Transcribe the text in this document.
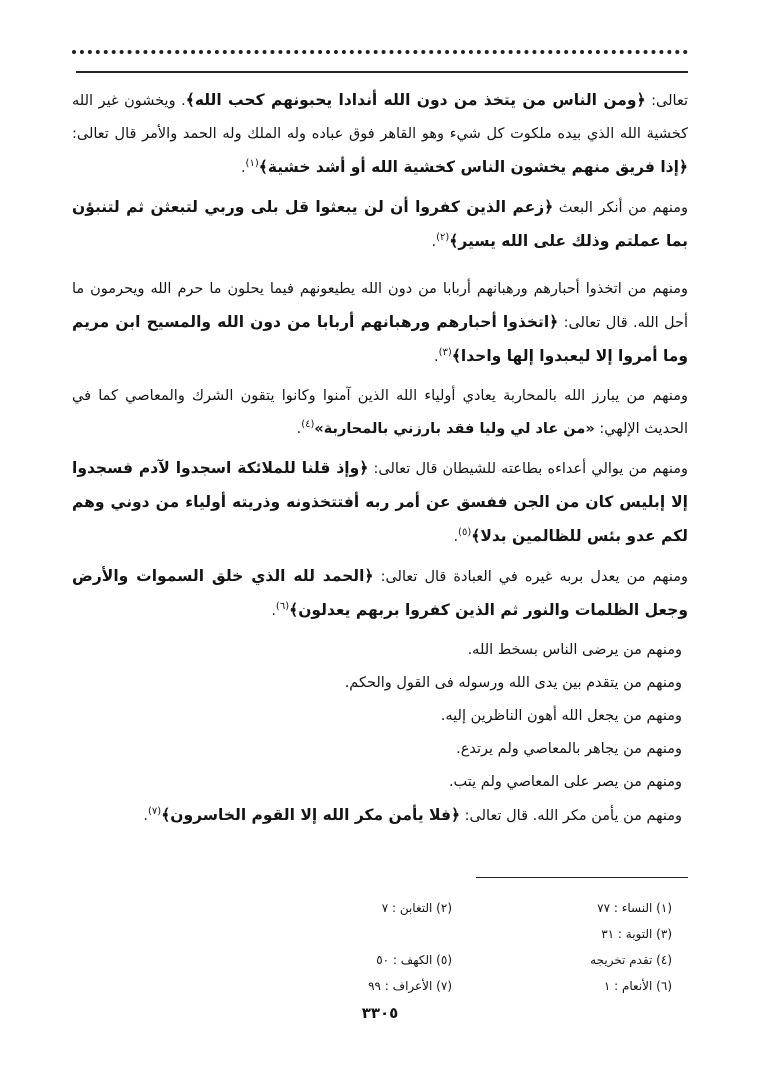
تعالى: ﴿ومن الناس من يتخذ من دون الله أندادا يحبونهم كحب الله﴾. ويخشون غير الله كخشية الله الذي بيده ملكوت كل شيء وهو القاهر فوق عباده وله الملك وله الحمد والأمر قال تعالى: ﴿إذا فريق منهم يخشون الناس كخشية الله أو أشد خشية﴾$^{(١)}$.

ومنهم من أنكر البعث ﴿زعم الذين كفروا أن لن يبعثوا قل بلى وربي لتبعثن ثم لتنبؤن بما عملتم وذلك على الله يسير﴾$^{(٢)}$.

ومنهم من اتخذوا أحبارهم ورهبانهم أربابا من دون الله يطيعونهم فيما يحلون ما حرم الله ويحرمون ما أحل الله. قال تعالى: ﴿اتخذوا أحبارهم ورهبانهم أربابا من دون الله والمسيح ابن مريم وما أمروا إلا ليعبدوا إلها واحدا﴾$^{(٣)}$.

ومنهم من يبارز الله بالمحاربة يعادي أولياء الله الذين آمنوا وكانوا يتقون الشرك والمعاصي كما في الحديث الإلهي: «من عاد لي وليا فقد بارزني بالمحاربة»$^{(٤)}$.

ومنهم من يوالي أعداءه بطاعته للشيطان قال تعالى: ﴿وإذ قلنا للملائكة اسجدوا لآدم فسجدوا إلا إبليس كان من الجن ففسق عن أمر ربه أفتتخذونه وذريته أولياء من دوني وهم لكم عدو بئس للظالمين بدلا﴾$^{(٥)}$.

ومنهم من يعدل بربه غيره في العبادة قال تعالى: ﴿الحمد لله الذي خلق السموات والأرض وجعل الظلمات والنور ثم الذين كفروا بربهم يعدلون﴾$^{(٦)}$.

ومنهم من يرضى الناس بسخط الله.

ومنهم من يتقدم بين يدى الله ورسوله فى القول والحكم.

ومنهم من يجعل الله أهون الناظرين إليه.

ومنهم من يجاهر بالمعاصي ولم يرتدع.

ومنهم من يصر على المعاصي ولم يتب.

ومنهم من يأمن مكر الله. قال تعالى: ﴿فلا يأمن مكر الله إلا القوم الخاسرون﴾$^{(٧)}$.

(١) النساء : ٧٧
(٢) التغابن : ٧
(٣) التوبة : ٣١
(٤) تقدم تخريجه
(٥) الكهف : ٥٠
(٦) الأنعام : ١
(٧) الأعراف : ٩٩
٣٣٠٥
